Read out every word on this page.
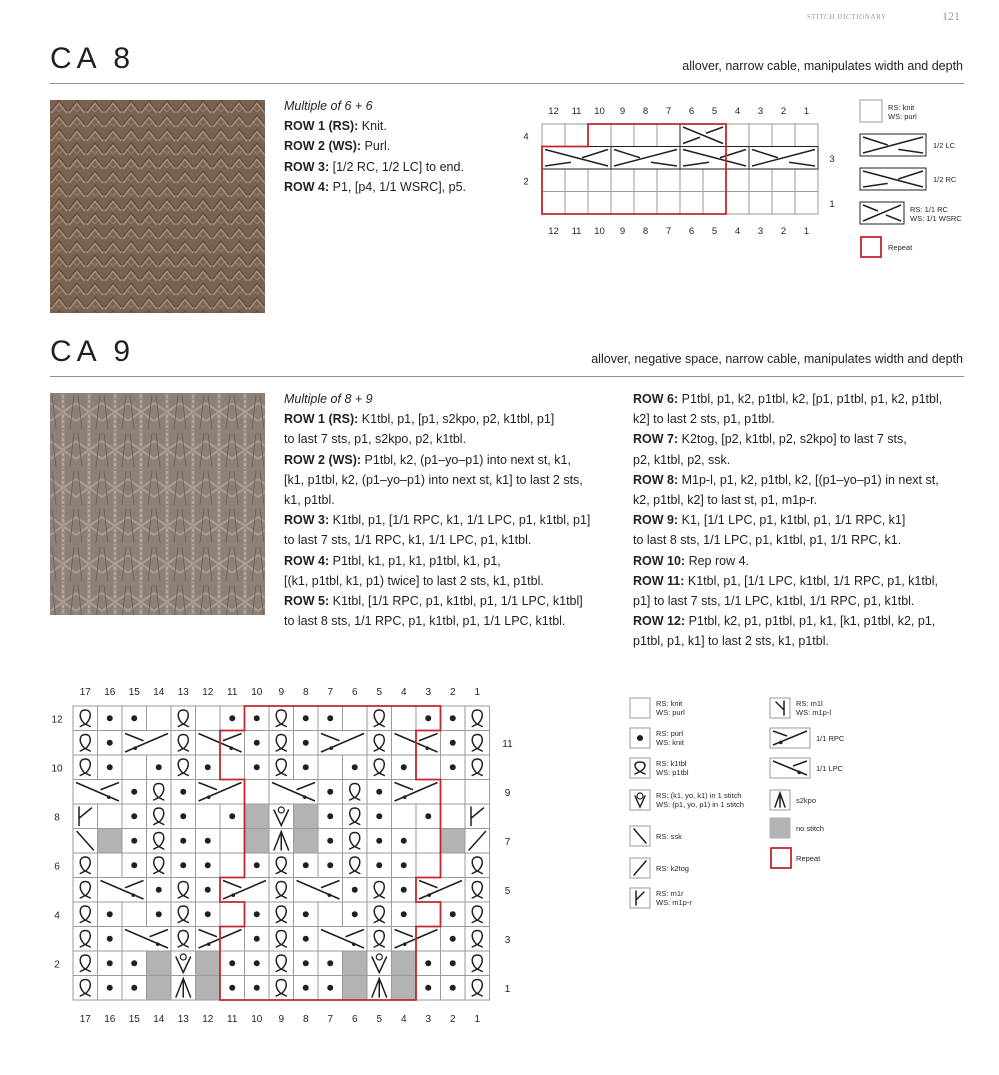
STITCH DICTIONARY	121
CA 8	allover, narrow cable, manipulates width and depth
Multiple of 6 + 6
ROW 1 (RS): Knit.
ROW 2 (WS): Purl.
ROW 3: [1/2 RC, 1/2 LC] to end.
ROW 4: P1, [p4, 1/1 WSRC], p5.
12
12
11
11
10
10
9
9
8
8
7
7
6
6
5
5
4
4
3
3
2
2
1
1
4
2
3
1
RS: knit
WS: purl
1/2 LC
1/2 RC
RS: 1/1 RC
WS: 1/1 WSRC
Repeat
CA 9	allover, negative space, narrow cable, manipulates width and depth
Multiple of 8 + 9
ROW 1 (RS): K1tbl, p1, [p1, s2kpo, p2, k1tbl, p1]
to last 7 sts, p1, s2kpo, p2, k1tbl.
ROW 2 (WS): P1tbl, k2, (p1–yo–p1) into next st, k1,
[k1, p1tbl, k2, (p1–yo–p1) into next st, k1] to last 2 sts,
k1, p1tbl.
ROW 3: K1tbl, p1, [1/1 RPC, k1, 1/1 LPC, p1, k1tbl, p1]
to last 7 sts, 1/1 RPC, k1, 1/1 LPC, p1, k1tbl.
ROW 4: P1tbl, k1, p1, k1, p1tbl, k1, p1,
[(k1, p1tbl, k1, p1) twice] to last 2 sts, k1, p1tbl.
ROW 5: K1tbl, [1/1 RPC, p1, k1tbl, p1, 1/1 LPC, k1tbl]
to last 8 sts, 1/1 RPC, p1, k1tbl, p1, 1/1 LPC, k1tbl.
ROW 6: P1tbl, p1, k2, p1tbl, k2, [p1, p1tbl, p1, k2, p1tbl,
k2] to last 2 sts, p1, p1tbl.
ROW 7: K2tog, [p2, k1tbl, p2, s2kpo] to last 7 sts,
p2, k1tbl, p2, ssk.
ROW 8: M1p-l, p1, k2, p1tbl, k2, [(p1–yo–p1) in next st,
k2, p1tbl, k2] to last st, p1, m1p-r.
ROW 9: K1, [1/1 LPC, p1, k1tbl, p1, 1/1 RPC, k1]
to last 8 sts, 1/1 LPC, p1, k1tbl, p1, 1/1 RPC, k1.
ROW 10: Rep row 4.
ROW 11: K1tbl, p1, [1/1 LPC, k1tbl, 1/1 RPC, p1, k1tbl,
p1] to last 7 sts, 1/1 LPC, k1tbl, 1/1 RPC, p1, k1tbl.
ROW 12: P1tbl, k2, p1, p1tbl, p1, k1, [k1, p1tbl, k2, p1,
p1tbl, p1, k1] to last 2 sts, k1, p1tbl.
17
17
16
16
15
15
14
14
13
13
12
12
11
11
10
10
9
9
8
8
7
7
6
6
5
5
4
4
3
3
2
2
1
1
12
10
8
6
4
2
11
9
7
5
3
1
RS: knit
WS: purl
RS: purl
WS: knit
RS: k1tbl
WS: p1tbl
RS: (k1, yo, k1) in 1 stitch
WS: (p1, yo, p1) in 1 stitch
RS: ssk
RS: k2tog
RS: m1r
WS: m1p-r
RS: m1l
WS: m1p-l
1/1 RPC
1/1 LPC
s2kpo
no stitch
Repeat
